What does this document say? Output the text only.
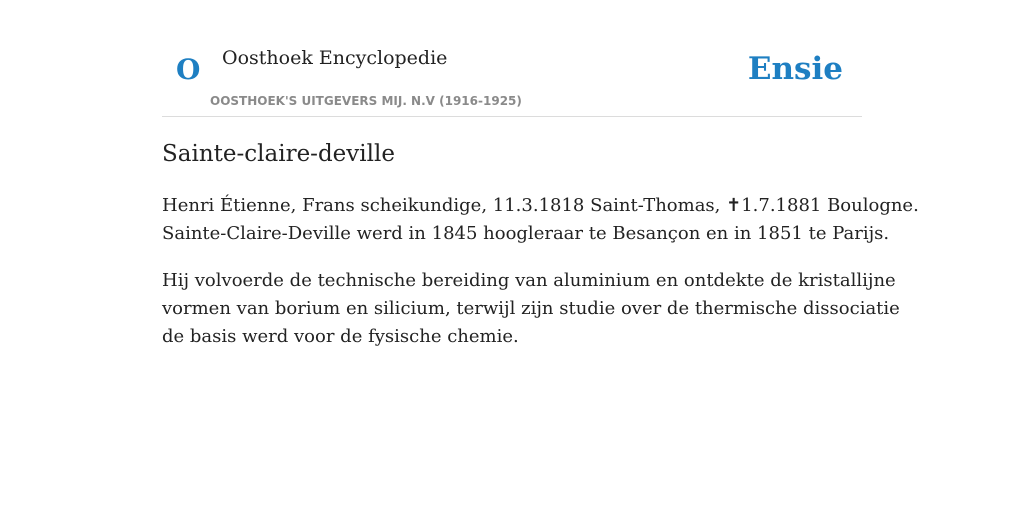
O Oosthoek Encyclopedie
OOSTHOEK'S UITGEVERS MIJ. N.V (1916-1925)
Ensie
Sainte-claire-deville

Henri Étienne, Frans scheikundige, 11.3.1818 Saint-Thomas, ✝1.7.1881 Boulogne.
Sainte-Claire-Deville werd in 1845 hoogleraar te Besançon en in 1851 te Parijs.

Hij volvoerde de technische bereiding van aluminium en ontdekte de kristallijne
vormen van borium en silicium, terwijl zijn studie over de thermische dissociatie
de basis werd voor de fysische chemie.
